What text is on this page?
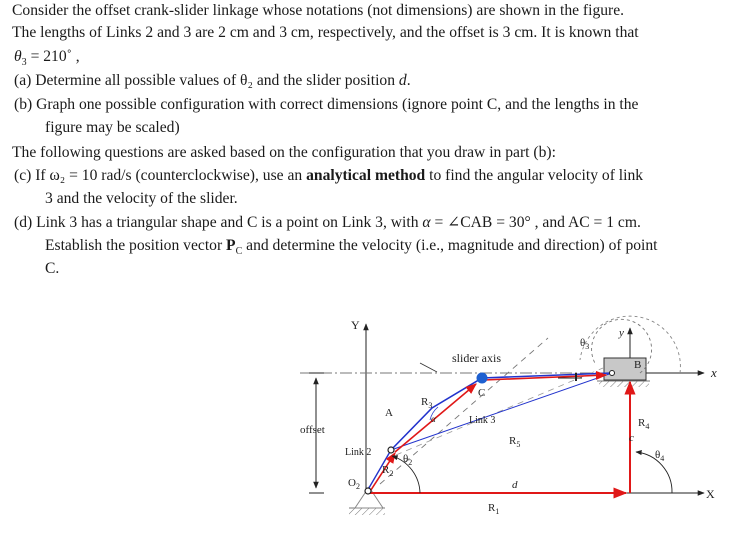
Consider the offset crank-slider linkage whose notations (not dimensions) are shown in the figure.
The lengths of Links 2 and 3 are 2 cm and 3 cm, respectively, and the offset is 3 cm. It is known that
$\theta_3$ = 210˚ ,
(a) Determine all possible values of θ₂ and the slider position d.
(b) Graph one possible configuration with correct dimensions (ignore point C, and the lengths in the
figure may be scaled)
The following questions are asked based on the configuration that you draw in part (b):
(c) If ω₂ = 10 rad/s (counterclockwise), use an analytical method to find the angular velocity of link
3 and the velocity of the slider.
(d) Link 3 has a triangular shape and C is a point on Link 3, with α = ∠CAB = 30° , and AC = 1 cm.
Establish the position vector $P_C$ and determine the velocity (i.e., magnitude and direction) of point
C.
Y
y
x
X
slider axis
C
A
B
offset
Link 2
Link 3
c
d
α
$R_2$
$R_3$
$R_4$
$R_5$
$R_1$
$\theta_2$
$\theta_3$
$\theta_4$
$O_2$
